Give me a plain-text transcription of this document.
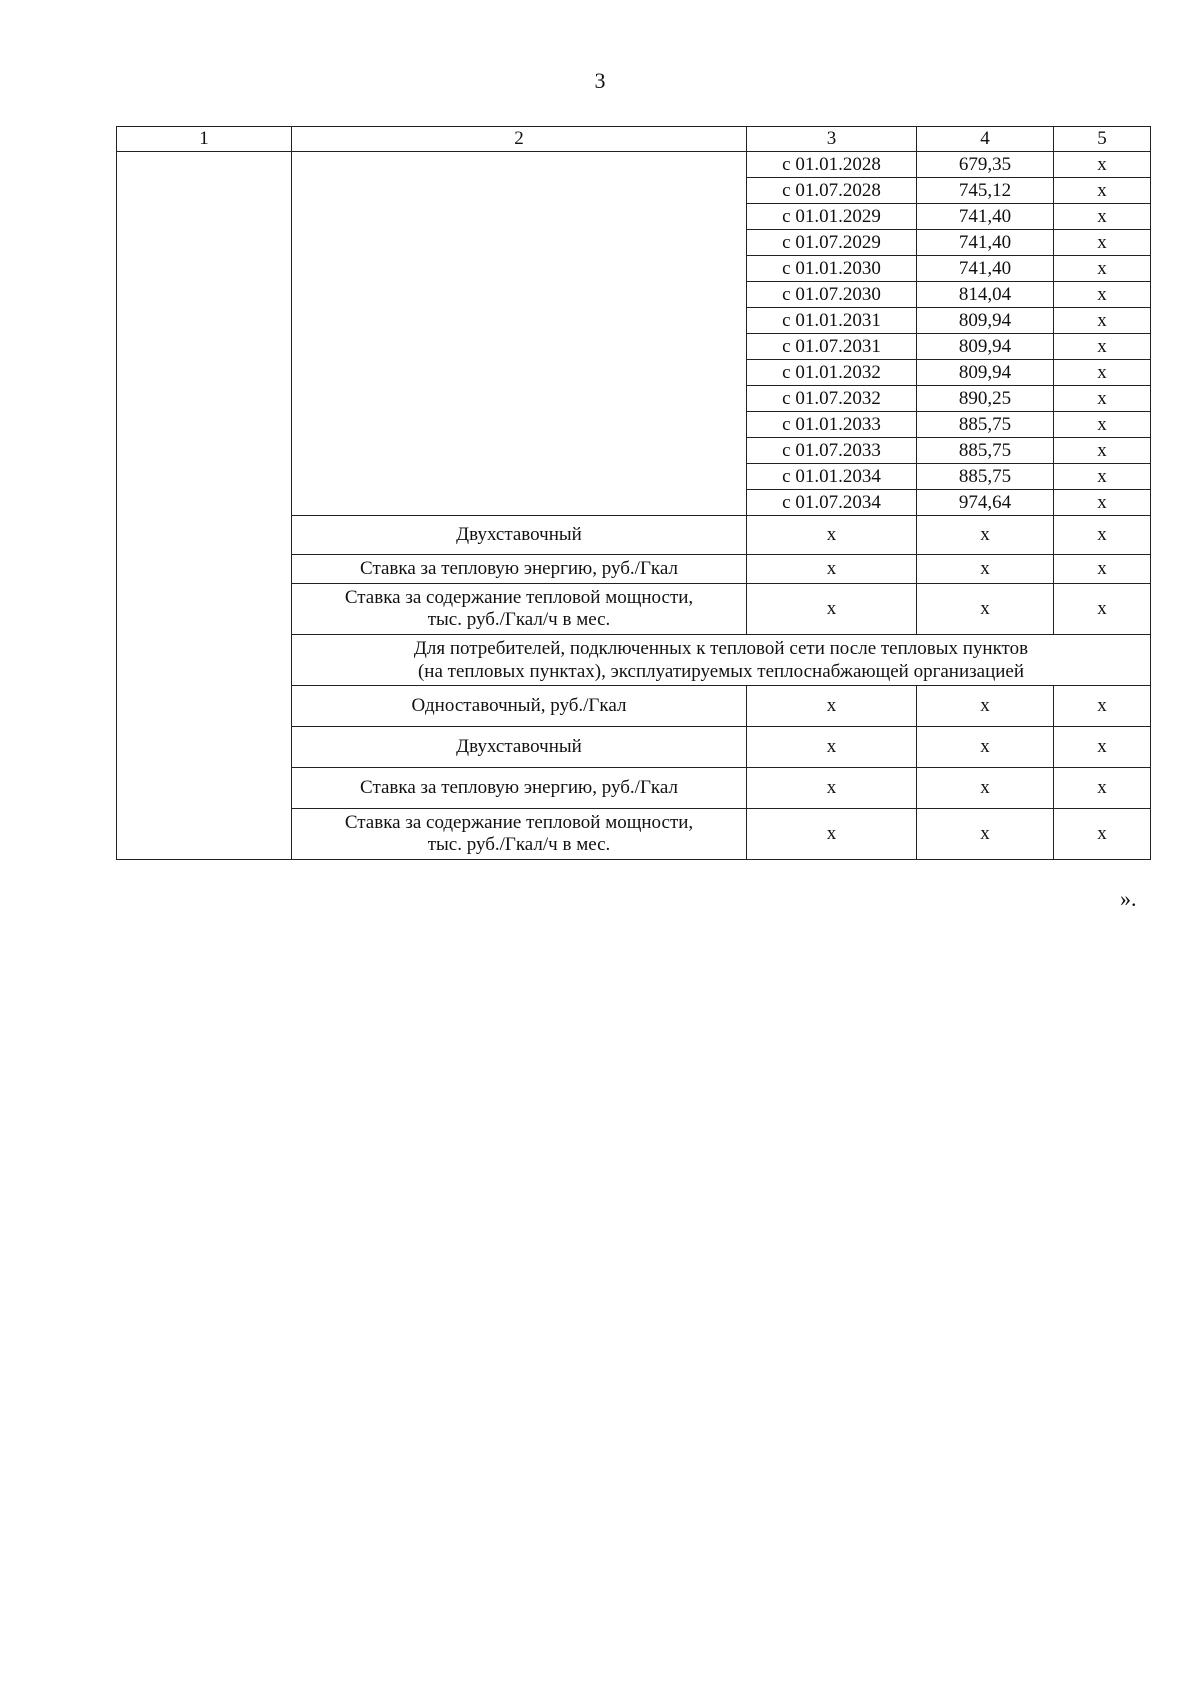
3
1	2	3	4	5
		с 01.01.2028	679,35	x
		с 01.07.2028	745,12	x
		с 01.01.2029	741,40	x
		с 01.07.2029	741,40	x
		с 01.01.2030	741,40	x
		с 01.07.2030	814,04	x
		с 01.01.2031	809,94	x
		с 01.07.2031	809,94	x
		с 01.01.2032	809,94	x
		с 01.07.2032	890,25	x
		с 01.01.2033	885,75	x
		с 01.07.2033	885,75	x
		с 01.01.2034	885,75	x
		с 01.07.2034	974,64	x
	Двухставочный	x	x	x
	Ставка за тепловую энергию, руб./Гкал	x	x	x
	Ставка за содержание тепловой мощности,
тыс. руб./Гкал/ч в мес.	x	x	x
	Для потребителей, подключенных к тепловой сети после тепловых пунктов
(на тепловых пунктах), эксплуатируемых теплоснабжающей организацией			
	Одноставочный, руб./Гкал	x	x	x
	Двухставочный	x	x	x
	Ставка за тепловую энергию, руб./Гкал	x	x	x
	Ставка за содержание тепловой мощности,
тыс. руб./Гкал/ч в мес.	x	x	x
».
